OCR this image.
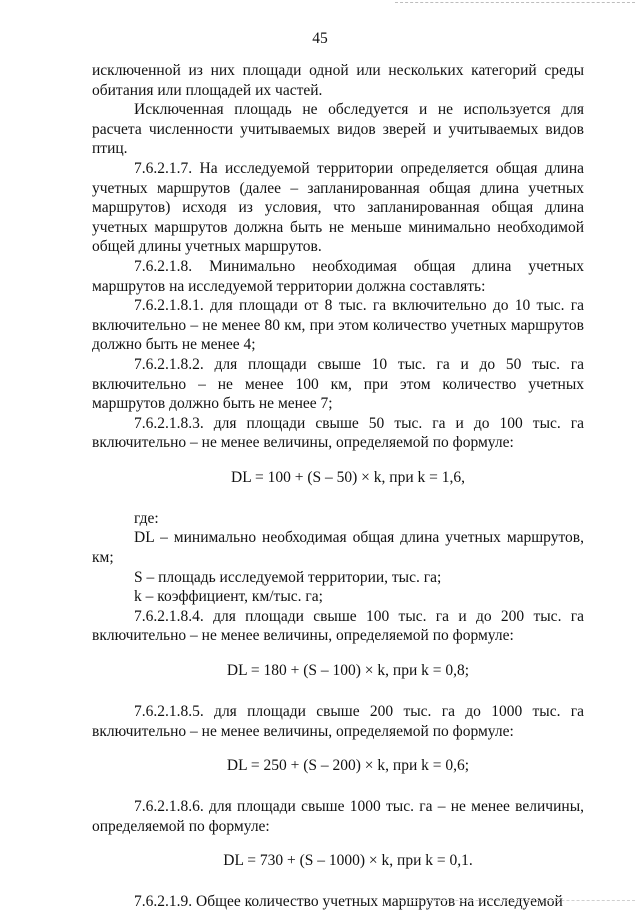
45

исключенной из них площади одной или нескольких категорий среды обитания или площадей их частей.

Исключенная площадь не обследуется и не используется для расчета численности учитываемых видов зверей и учитываемых видов птиц.

7.6.2.1.7. На исследуемой территории определяется общая длина учетных маршрутов (далее – запланированная общая длина учетных маршрутов) исходя из условия, что запланированная общая длина учетных маршрутов должна быть не меньше минимально необходимой общей длины учетных маршрутов.

7.6.2.1.8. Минимально необходимая общая длина учетных маршрутов на исследуемой территории должна составлять:

7.6.2.1.8.1. для площади от 8 тыс. га включительно до 10 тыс. га включительно – не менее 80 км, при этом количество учетных маршрутов должно быть не менее 4;

7.6.2.1.8.2. для площади свыше 10 тыс. га и до 50 тыс. га включительно – не менее 100 км, при этом количество учетных маршрутов должно быть не менее 7;

7.6.2.1.8.3. для площади свыше 50 тыс. га и до 100 тыс. га включительно – не менее величины, определяемой по формуле:

DL = 100 + (S – 50) × k, при k = 1,6,

где:

DL – минимально необходимая общая длина учетных маршрутов,

км;

S – площадь исследуемой территории, тыс. га;

k – коэффициент, км/тыс. га;

7.6.2.1.8.4. для площади свыше 100 тыс. га и до 200 тыс. га включительно – не менее величины, определяемой по формуле:

DL = 180 + (S – 100) × k, при k = 0,8;

7.6.2.1.8.5. для площади свыше 200 тыс. га до 1000 тыс. га включительно – не менее величины, определяемой по формуле:

DL = 250 + (S – 200) × k, при k = 0,6;

7.6.2.1.8.6. для площади свыше 1000 тыс. га – не менее величины, определяемой по формуле:

DL = 730 + (S – 1000) × k, при k = 0,1.

7.6.2.1.9. Общее количество учетных маршрутов на исследуемой
